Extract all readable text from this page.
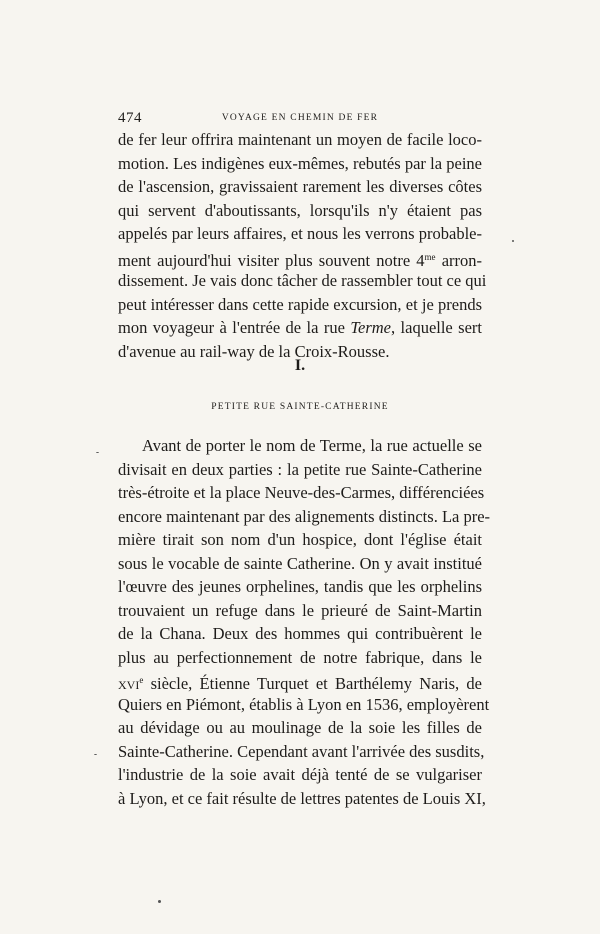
474	VOYAGE EN CHEMIN DE FER
de fer leur offrira maintenant un moyen de facile loco-
motion. Les indigènes eux-mêmes, rebutés par la peine
de l'ascension, gravissaient rarement les diverses côtes
qui servent d'aboutissants, lorsqu'ils n'y étaient pas
appelés par leurs affaires, et nous les verrons probable-
ment aujourd'hui visiter plus souvent notre $4^{me}$ arron-
dissement. Je vais donc tâcher de rassembler tout ce qui
peut intéresser dans cette rapide excursion, et je prends
mon voyageur à l'entrée de la rue Terme, laquelle sert
d'avenue au rail-way de la Croix-Rousse.
I.
PETITE RUE SAINTE-CATHERINE
Avant de porter le nom de Terme, la rue actuelle se
divisait en deux parties : la petite rue Sainte-Catherine
très-étroite et la place Neuve-des-Carmes, différenciées
encore maintenant par des alignements distincts. La pre-
mière tirait son nom d'un hospice, dont l'église était
sous le vocable de sainte Catherine. On y avait institué
l'œuvre des jeunes orphelines, tandis que les orphelins
trouvaient un refuge dans le prieuré de Saint-Martin
de la Chana. Deux des hommes qui contribuèrent le
plus au perfectionnement de notre fabrique, dans le
xvi$^e$ siècle, Étienne Turquet et Barthélemy Naris, de
Quiers en Piémont, établis à Lyon en 1536, employèrent
au dévidage ou au moulinage de la soie les filles de
Sainte-Catherine. Cependant avant l'arrivée des susdits,
l'industrie de la soie avait déjà tenté de se vulgariser
à Lyon, et ce fait résulte de lettres patentes de Louis XI,
